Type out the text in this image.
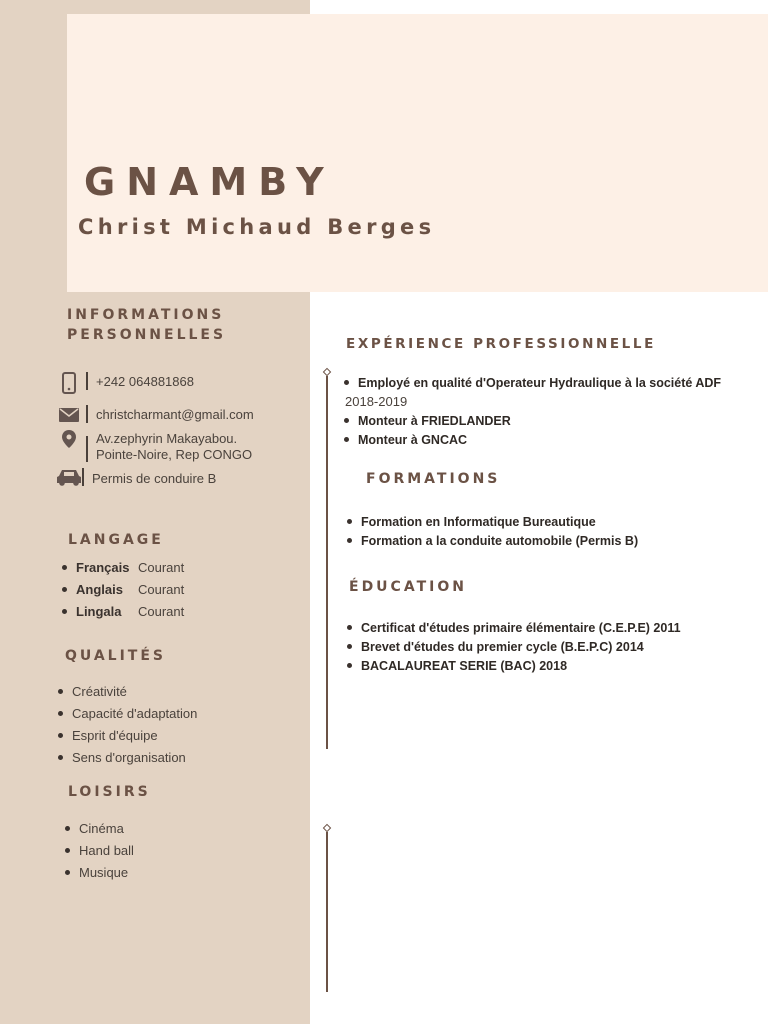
GNAMBY
Christ Michaud Berges
INFORMATIONS
PERSONNELLES
+242 064881868
christcharmant@gmail.com
Av.zephyrin Makayabou.
Pointe-Noire, Rep CONGO
Permis de conduire B
LANGAGE
Français Courant
Anglais	Courant
Lingala	Courant
QUALITÉS
Créativité
Capacité d'adaptation
Esprit d'équipe
Sens d'organisation
LOISIRS
Cinéma
Hand ball
Musique
EXPÉRIENCE PROFESSIONNELLE
Employé en qualité d'Operateur Hydraulique à la société ADF
2018-2019
Monteur à FRIEDLANDER
Monteur à GNCAC
FORMATIONS
Formation en Informatique Bureautique
Formation a la conduite automobile (Permis B)
ÉDUCATION
Certificat d'études primaire élémentaire (C.E.P.E) 2011
Brevet d'études du premier cycle (B.E.P.C) 2014
BACALAUREAT SERIE (BAC) 2018
